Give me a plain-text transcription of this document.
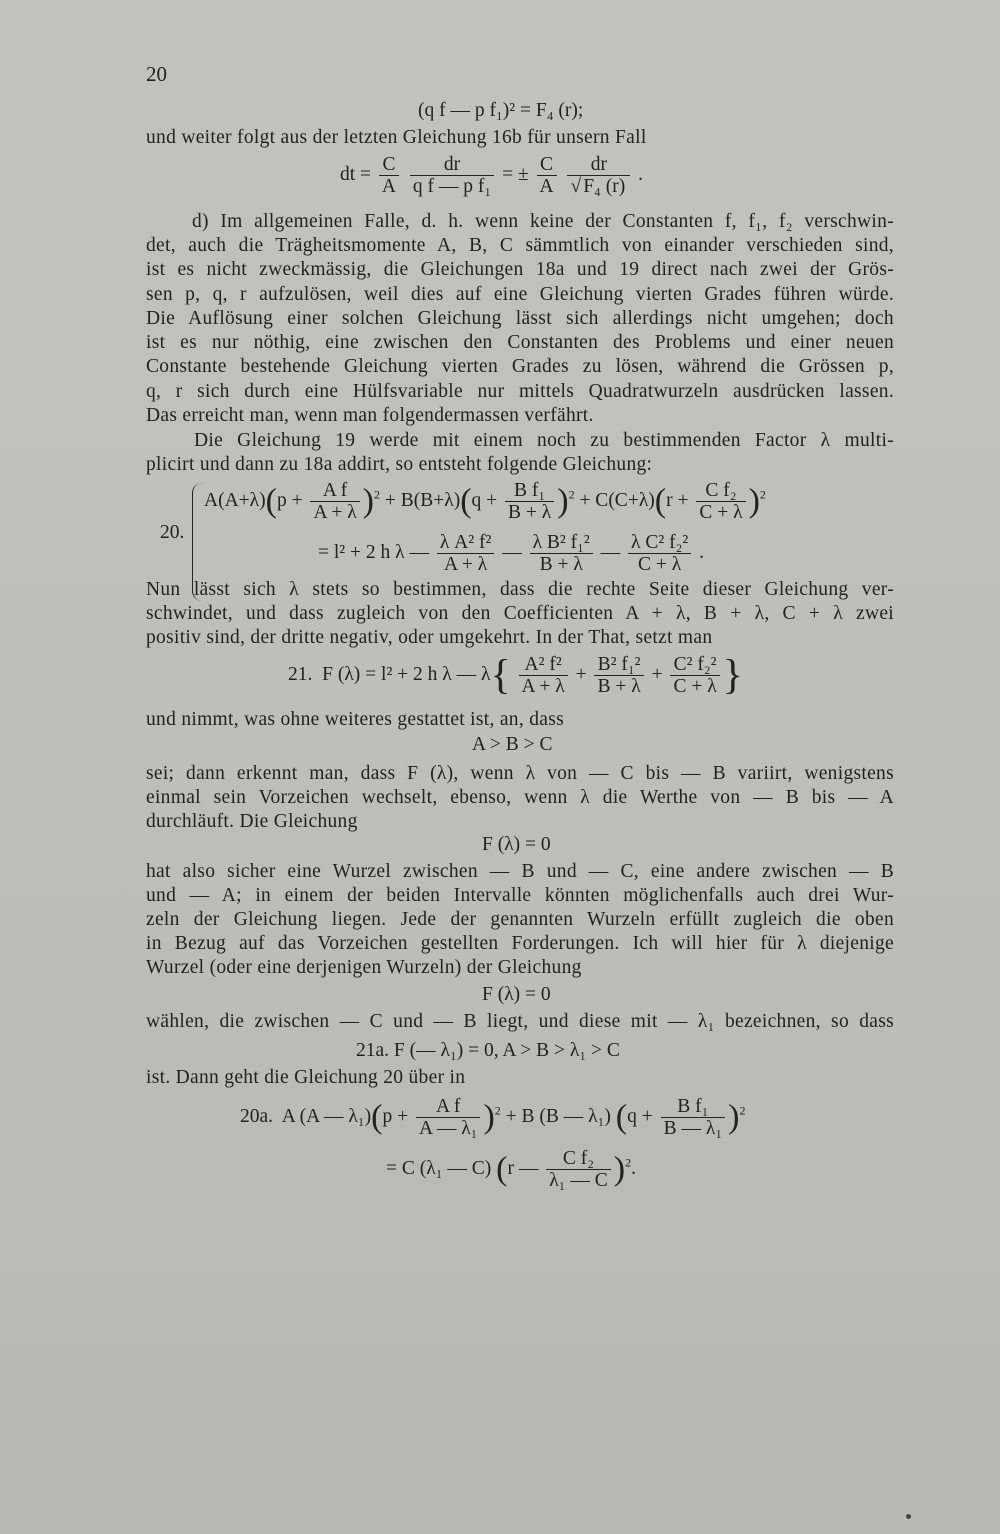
20
(q f — p f₁)² = F₄ (r);
und weiter folgt aus der letzten Gleichung 16b für unsern Fall
dt = $\frac{C}{A}$
$\frac{dr}{\text{q f — p f₁}}$ = ± $\frac{C}{A}$
$\frac{dr}{\text{√ F₄ (r)}}$ .
d) Im allgemeinen Falle, d. h. wenn keine der Constanten f, f₁, f₂ verschwin-
det, auch die Trägheitsmomente A, B, C sämmtlich von einander verschieden sind,
ist es nicht zweckmässig, die Gleichungen 18a und 19 direct nach zwei der Grös-
sen p, q, r aufzulösen, weil dies auf eine Gleichung vierten Grades führen würde.
Die Auflösung einer solchen Gleichung lässt sich allerdings nicht umgehen; doch
ist es nur nöthig, eine zwischen den Constanten des Problems und einer neuen
Constante bestehende Gleichung vierten Grades zu lösen, während die Grössen p,
q, r sich durch eine Hülfsvariable nur mittels Quadratwurzeln ausdrücken lassen.
Das erreicht man, wenn man folgendermassen verfährt.
Die Gleichung 19 werde mit einem noch zu bestimmenden Factor λ multi-
plicirt und dann zu 18a addirt, so entsteht folgende Gleichung:
20.
$A(A+\lambda)(p + \frac{\text{A f}}{A + \lambda} )^2 + B(B+\lambda)(q + \frac{\text{B f₁}}{B + \lambda} )^2 + C(C+\lambda)(r + \frac{\text{C f₂}}{C + \lambda} )^2$
= l² + 2 h λ — $\frac{\text{λ A² f²}}{A + \lambda}$ — $\frac{\text{λ B² f₁²}}{B + \lambda}$ — $\frac{\text{λ C² f₂²}}{C + \lambda}$ .
Nun lässt sich λ stets so bestimmen, dass die rechte Seite dieser Gleichung ver-
schwindet, und dass zugleich von den Coefficienten A + λ, B + λ, C + λ zwei
positiv sind, der dritte negativ, oder umgekehrt. In der That, setzt man
21. F (λ) = l² + 2 h λ — $\lambda\{ \frac{\text{A² f²}}{A + \lambda} + \frac{\text{B² f₁²}}{B + \lambda} + \frac{\text{C² f₂²}}{C + \lambda}$ }
und nimmt, was ohne weiteres gestattet ist, an, dass
A > B > C
sei; dann erkennt man, dass F (λ), wenn λ von — C bis — B variirt, wenigstens
einmal sein Vorzeichen wechselt, ebenso, wenn λ die Werthe von — B bis — A
durchläuft. Die Gleichung
F (λ) = 0
hat also sicher eine Wurzel zwischen — B und — C, eine andere zwischen — B
und — A; in einem der beiden Intervalle könnten möglichenfalls auch drei Wur-
zeln der Gleichung liegen. Jede der genannten Wurzeln erfüllt zugleich die oben
in Bezug auf das Vorzeichen gestellten Forderungen. Ich will hier für λ diejenige
Wurzel (oder eine derjenigen Wurzeln) der Gleichung
F (λ) = 0
wählen, die zwischen — C und — B liegt, und diese mit — λ₁ bezeichnen, so dass
21a. F (— λ₁) = 0, A > B > λ₁ > C
ist. Dann geht die Gleichung 20 über in
20a. A (A — $\lambda_1)(p + \frac{\text{A f}}{\text{A — λ₁}} )^2 + B$ (B — λ₁) $(q + \frac{\text{B f₁}}{\text{B — λ₁}} )^2$
= C (λ₁ — C) (r — $\frac{\text{C f₂}}{\text{λ₁ — C}} )^2$.
